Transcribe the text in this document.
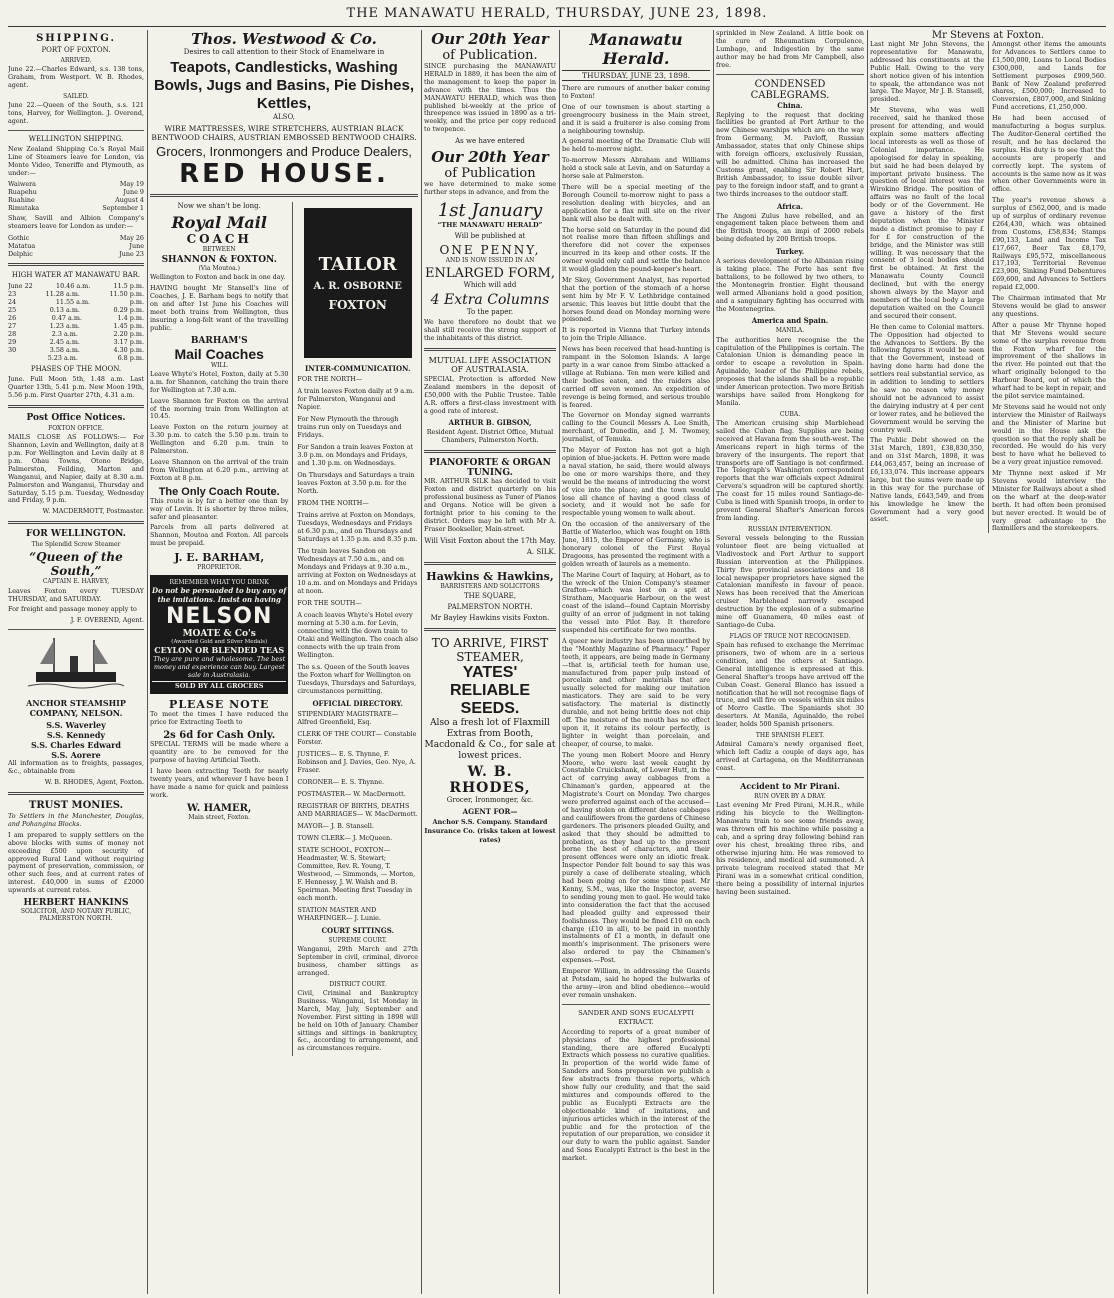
THE MANAWATU HERALD, THURSDAY, JUNE 23, 1898.
SHIPPING.
PORT OF FOXTON.
ARRIVED.

June 22.—Charles Edward, s.s. 138 tons, Graham, from Westport. W. B. Rhodes, agent.

SAILED.

June 22.—Queen of the South, s.s. 121 tons, Harvey, for Wellington. J. Overend, agent.

WELLINGTON SHIPPING.

New Zealand Shipping Co.'s Royal Mail Line of Steamers leave for London, via Monte Video, Teneriffe and Plymouth, as under:—

Waiwera	May 19
Ruapehu	June 9
Ruahine	August 4
Rimutaka	September 1

Shaw, Savill and Albion Company's steamers leave for London as under:—

Gothic	May 26
Matatua	June
Delphic	June 23
HIGH WATER AT MANAWATU BAR.
June 22	10.46 a.m.	11.5 p.m.
23	11.28 a.m.	11.50 p.m.
24	11.55 a.m.	p.m.
25	0.13 a.m.	0.29 p.m.
26	0.47 a.m.	1.4 p.m.
27	1.23 a.m.	1.45 p.m.
28	2.3 a.m.	2.20 p.m.
29	2.45 a.m.	3.17 p.m.
30	3.58 a.m.	4.30 p.m.
5.23 a.m.	6.8 p.m.
PHASES OF THE MOON.

June. Full Moon 5th, 1.48 a.m. Last Quarter 13th, 5.41 p.m. New Moon 19th, 5.56 p.m. First Quarter 27th, 4.31 a.m.

Post Office Notices.
FOXTON OFFICE.

MAILS CLOSE AS FOLLOWS:— For Shannon, Levin and Wellington, daily at 8 p.m. For Wellington and Levin daily at 8 p.m. Ohau Towns, Otono Bridge, Palmerston, Feilding, Marton and Wanganui, and Napier, daily at 8.30 a.m. Palmerston and Wanganui, Thursday and Saturday, 5.15 p.m. Tuesday, Wednesday and Friday, 9 p.m.

W. MACDERMOTT, Postmaster.

FOR WELLINGTON.
The Splendid Screw Steamer
“Queen of the South,”
CAPTAIN E. HARVEY,

Leaves Foxton every TUESDAY THURSDAY, and SATURDAY.

For freight and passage money apply to

J. F. OVEREND, Agent.

ANCHOR STEAMSHIP COMPANY, NELSON.
S.S. Waverley
S.S. Kennedy
S.S. Charles Edward
S.S. Aorere

All information as to freights, passages, &c., obtainable from

W. B. RHODES, Agent, Foxton.

TRUST MONIES.

To Settlers in the Manchester, Douglas, and Pohangina Blocks.

I am prepared to supply settlers on the above blocks with sums of money not exceeding £500 upon security of approved Rural Land without requiring payment of preservation, commission, or other such fees, and at current rates of interest. £40,000 in sums of £2000 upwards at current rates.

HERBERT HANKINS
SOLICITOR, AND NOTARY PUBLIC, PALMERSTON NORTH.
Thos. Westwood & Co.
Desires to call attention to their Stock of Enamelware in
Teapots, Candlesticks, Washing Bowls, Jugs and Basins, Pie Dishes, Kettles,
ALSO,
WIRE MATTRESSES, WIRE STRETCHERS, AUSTRIAN BLACK BENTWOOD CHAIRS, AUSTRIAN EMBOSSED BENTWOOD CHAIRS.
Grocers, Ironmongers and Produce Dealers,
RED HOUSE.
Now we shan't be long.
Royal Mail
COACH
BETWEEN
SHANNON & FOXTON.
(Via Moutoa.)

Wellington to Foxton and back in one day.

HAVING bought Mr Stansell's line of Coaches, J. E. Barham begs to notify that on and after 1st June his Coaches will meet both trains from Wellington, thus insuring a long-felt want of the travelling public.

BARHAM'S
Mail Coaches
WILL

Leave Whyte's Hotel, Foxton, daily at 5.30 a.m. for Shannon, catching the train there for Wellington at 7.30 a.m.

Leave Shannon for Foxton on the arrival of the morning train from Wellington at 10.45.

Leave Foxton on the return journey at 3.30 p.m. to catch the 5.50 p.m. train to Wellington and 6.20 p.m. train to Palmerston.

Leave Shannon on the arrival of the train from Wellington at 6.20 p.m., arriving at Foxton at 8 p.m.

The Only Coach Route.

This route is by far a better one than by way of Levin. It is shorter by three miles, safer and pleasanter.

Parcels from all parts delivered at Shannon, Moutoa and Foxton. All parcels must be prepaid.

J. E. BARHAM,
PROPRIETOR.
REMEMBER WHAT YOU DRINK
Do not be persuaded to buy any of the imitations. Insist on having
NELSON
MOATE & Co's
(Awarded Gold and Silver Medals)
CEYLON OR BLENDED TEAS
They are pure and wholesome. The best money and experience can buy. Largest sale in Australasia.
SOLD BY ALL GROCERS
PLEASE NOTE

To meet the times I have reduced the price for Extracting Teeth to

2s 6d for Cash Only.

SPECIAL TERMS will be made where a quantity are to be removed for the purpose of having Artificial Teeth.

I have been extracting Teeth for nearly twenty years, and wherever I have been I have made a name for quick and painless work.

W. HAMER,
Main street, Foxton.
TAILOR
A. R. OSBORNE
FOXTON
INTER-COMMUNICATION.
FOR THE NORTH—
A train leaves Foxton daily at 9 a.m. for Palmerston, Wanganui and Napier.
For New Plymouth the through trains run only on Tuesdays and Fridays.
For Sandon a train leaves Foxton at 3.0 p.m. on Mondays and Fridays, and 1.30 p.m. on Wednesdays.
On Thursdays and Saturdays a train leaves Foxton at 3.50 p.m. for the North.
FROM THE NORTH—
Trains arrive at Foxton on Mondays, Tuesdays, Wednesdays and Fridays at 6.30 p.m., and on Thursdays and Saturdays at 1.35 p.m. and 8.35 p.m.
The train leaves Sandon on Wednesdays at 7.50 a.m., and on Mondays and Fridays at 9.30 a.m., arriving at Foxton on Wednesdays at 10 a.m. and on Mondays and Fridays at noon.
FOR THE SOUTH—
A coach leaves Whyte's Hotel every morning at 5.30 a.m. for Levin, connecting with the down train to Otaki and Wellington. The coach also connects with the up train from Wellington.
The s.s. Queen of the South leaves the Foxton wharf for Wellington on Tuesdays, Thursdays and Saturdays, circumstances permitting.
OFFICIAL DIRECTORY.
STIPENDIARY MAGISTRATE— Alfred Greenfield, Esq.
CLERK OF THE COURT— Constable Forster.
JUSTICES— E. S. Thynne, F. Robinson and J. Davies, Geo. Nye, A. Fraser.
CORONER— E. S. Thynne.
POSTMASTER— W. MacDermott.
REGISTRAR OF BIRTHS, DEATHS AND MARRIAGES— W. MacDermott.
MAYOR— J. B. Stansell.
TOWN CLERK— J. McQueen.
STATE SCHOOL, FOXTON— Headmaster, W. S. Stewart; Committee, Rev. R. Young, T. Westwood, — Simmonds, — Morton, F. Hennessy, J. W. Walsh and B. Speirman. Meeting first Tuesday in each month.
STATION MASTER AND WHARFINGER— J. Lunie.
COURT SITTINGS.
SUPREME COURT.

Wanganui, 29th March and 27th September in civil, criminal, divorce business, chamber sittings as arranged.

DISTRICT COURT.

Civil, Criminal and Bankruptcy Business. Wanganui, 1st Monday in March, May, July, September and November. First sitting in 1898 will be held on 10th of January. Chamber sittings and sittings in bankruptcy, &c., according to arrangement, and as circumstances require.

Our 20th Year
of Publication.

SINCE purchasing the MANAWATU HERALD in 1889, it has been the aim of the management to keep the paper in advance with the times. Thus the MANAWATU HERALD, which was then published bi-weekly at the price of threepence was issued in 1890 as a tri-weekly, and the price per copy reduced to twopence.

As we have entered
Our 20th Year
of Publication

we have determined to make some further steps in advance, and from the

1st January
“THE MANAWATU HERALD”
Will be published at
ONE PENNY,
AND IS NOW ISSUED IN AN
ENLARGED FORM,
Which will add
4 Extra Columns
To the paper.

We have therefore no doubt that we shall still receive the strong support of the inhabitants of this district.

MUTUAL LIFE ASSOCIATION OF AUSTRALASIA.

SPECIAL Protection is afforded New Zealand members in the deposit of £50,000 with the Public Trustee. Table A.R. offers a first-class investment with a good rate of interest.

ARTHUR B. GIBSON,

Resident Agent. District Office, Mutual Chambers, Palmerston North.

PIANOFORTE & ORGAN TUNING.

MR. ARTHUR SILK has decided to visit Foxton and district quarterly on his professional business as Tuner of Pianos and Organs. Notice will be given a fortnight prior to his coming to the district. Orders may be left with Mr A. Fraser Bookseller, Main-street.

Will Visit Foxton about the 17th May.
A. SILK.
Hawkins & Hawkins,
BARRISTERS AND SOLICITORS
THE SQUARE,
PALMERSTON NORTH.
Mr Bayley Hawkins visits Foxton.
TO ARRIVE, FIRST STEAMER,
YATES' RELIABLE SEEDS.
Also a fresh lot of Flaxmill Extras from Booth, Macdonald & Co., for sale at lowest prices.
W. B. RHODES,
Grocer, Ironmonger, &c.
AGENT FOR—
Anchor S.S. Company. Standard Insurance Co. (risks taken at lowest rates)
Manawatu Herald.
THURSDAY, JUNE 23, 1898.

There are rumours of another baker coming to Foxton!

One of our townsmen is about starting a greengrocery business in the Main street, and it is said a fruiterer is also coming from a neighbouring township.

A general meeting of the Dramatic Club will be held to-morrow night.

To-morrow Messrs Abraham and Williams hold a stock sale at Levin, and on Saturday a horse sale at Palmerston.

There will be a special meeting of the Borough Council to-morrow night to pass a resolution dealing with bicycles, and an application for a flax mill site on the river bank will also be dealt with.

The horse sold on Saturday in the pound did not realise more than fifteen shillings and therefore did not cover the expenses incurred in its keep and other costs. If the owner would only call and settle the balance it would gladden the pound-keeper's heart.

Mr Skey, Government Analyst, has reported that the portion of the stomach of a horse sent him by Mr F. V. Lethbridge contained arsenic. This leaves but little doubt that the horses found dead on Monday morning were poisoned.

It is reported in Vienna that Turkey intends to join the Triple Alliance.

News has been received that head-hunting is rampant in the Solomon Islands. A large party in a war canoe from Simbo attacked a village at Rubiana. Ten men were killed and their bodies eaten, and the raiders also carried off seven women. An expedition of revenge is being formed, and serious trouble is feared.

The Governor on Monday signed warrants calling to the Council Messrs A. Lee Smith, merchant, of Dunedin, and J. M. Twomey, journalist, of Temuka.

The Mayor of Foxton has not got a high opinion of blue-jackets. H. Petton were made a naval station, he said, there would always be one or more warships there, and they would be the means of introducing the worst of vice into the place; and the town would lose all chance of having a good class of society, and it would not be safe for respectable young women to walk about.

On the occasion of the anniversary of the Battle of Waterloo, which was fought on 18th June, 1815, the Emperor of Germany, who is honorary colonel of the First Royal Dragoons, has presented the regiment with a golden wreath of laurels as a memento.

The Marine Court of Inquiry, at Hobart, as to the wreck of the Union Company's steamer Grafton—which was lost on a spit at Stratham, Macquarie Harbour, on the west coast of the island—found Captain Morrisby guilty of an error of judgment in not taking the vessel into Pilot Bay. It therefore suspended his certificate for two months.

A queer new industry has been unearthed by the “Monthly Magazine of Pharmacy.” Paper teeth, it appears, are being made in Germany—that is, artificial teeth for human use, manufactured from paper pulp instead of porcelain and other materials that are usually selected for making our imitation masticators. They are said to be very satisfactory. The material is distinctly durable, and not being brittle does not chip off. The moisture of the mouth has no effect upon it, it retains its colour perfectly, is lighter in weight than porcelain, and cheaper, of course, to make.

The young men Robert Moore and Henry Moore, who were last week caught by Constable Cruickshank, of Lower Hutt, in the act of carrying away cabbages from a Chinaman's garden, appeared at the Magistrate's Court on Monday. Two charges were preferred against each of the accused—of having stolen on different dates cabbages and cauliflowers from the gardens of Chinese gardeners. The prisoners pleaded Guilty, and asked that they should be admitted to probation, as they had up to the present borne the best of characters, and their present offences were only an idiotic freak. Inspector Pender felt bound to say this was purely a case of deliberate stealing, which had been going on for some time past. Mr Kenny, S.M., was, like the Inspector, averse to sending young men to gaol. He would take into consideration the fact that the accused had pleaded guilty and expressed their foolishness. They would be fined £10 on each charge (£10 in all), to be paid in monthly instalments of £1 a month, in default one month's imprisonment. The prisoners were also ordered to pay the Chinamen's expenses.—Post.

Emperor William, in addressing the Guards at Potsdam, said he hoped the bulwarks of the army—iron and blind obedience—would ever remain unshaken.

SANDER AND SONS EUCALYPTI EXTRACT.

According to reports of a great number of physicians of the highest professional standing, there are offered Eucalypti Extracts which possess no curative qualities. In proportion of the world wide fame of Sanders and Sons preparation we publish a few abstracts from these reports, which show fully our credulity, and that the said mixtures and compounds offered to the public as Eucalypti Extracts are the objectionable kind of imitations, and injurious articles which in the interest of the public and for the protection of the reputation of our preparation, we consider it our duty to warn the public against. Sander and Sons Eucalypti Extract is the best in the market.

sprinkled in New Zealand. A little book on the cure of Rheumatism Corpulence, Lumbago, and Indigestion by the same author may be had from Mr Campbell, also free.

CONDENSED CABLEGRAMS.
China.

Replying to the request that docking facilities be granted at Port Arthur to the new Chinese warships which are on the way from Germany, M. Pavloff, Russian Ambassador, states that only Chinese ships with foreign officers, exclusively Russian, will be admitted. China has increased the Customs grant, enabling Sir Robert Hart, British Ambassador, to issue double silver pay to the foreign indoor staff, and to grant a two thirds increases to the outdoor staff.

Africa.

The Angoni Zulus have rebelled, and an engagement taken place between them and the British troops, an impi of 2000 rebels being defeated by 200 British troops.

Turkey.

A serious development of the Albanian rising is taking place. The Porte has sent five battalions, to be followed by two others, to the Montenegrin frontier. Eight thousand well armed Albanians hold a good position, and a sanguinary fighting has occurred with the Montenegrins.

America and Spain.
MANILA.

The authorities here recognise the the capitulation of the Philippines is certain. The Catalonian Union is demanding peace in order to escape a revolution in Spain. Aguinaldo, leader of the Philippine rebels, proposes that the islands shall be a republic under American protection. Two more British warships have sailed from Hongkong for Manila.

CUBA.

The American cruising ship Marblehead sailed the Cuban flag. Supplies are being received at Havana from the south-west. The Americans report in high terms of the bravery of the insurgents. The report that transports are off Santiago is not confirmed. The Telegraph's Washington correspondent reports that the war officials expect Admiral Cervera's squadron will be captured shortly. The coast for 15 miles round Santiago-de-Cuba is lined with Spanish troops, in order to prevent General Shafter's American forces from landing.

RUSSIAN INTERVENTION.

Several vessels belonging to the Russian volunteer fleet are being victualled at Vladivostock and Port Arthur to support Russian intervention at the Philippines. Thirty five provincial associations and 18 local newspaper proprietors have signed the Catalonian manifesto in favour of peace. News has been received that the American cruiser Marblehead narrowly escaped destruction by the explosion of a submarine mine off Guanamera, 40 miles east of Santiago-de Cuba.

FLAGS OF TRUCE NOT RECOGNISED.

Spain has refused to exchange the Merrimac prisoners, two of whom are in a serious condition, and the others at Santiago. General intelligence is expressed at this. General Shafter's troops have arrived off the Cuban Coast. General Blanco has issued a notification that he will not recognise flags of truce, and will fire on vessels within six miles of Morro Castle. The Spaniards shot 30 deserters. At Manila, Aguinaldo, the rebel leader, holds 500 Spanish prisoners.

THE SPANISH FLEET.

Admiral Camara's newly organised fleet, which left Cadiz a couple of days ago, has arrived at Cartagena, on the Mediterranean coast.

Accident to Mr Pirani.
RUN OVER BY A DRAY.

Last evening Mr Fred Pirani, M.H.R., while riding his bicycle to the Wellington-Manawatu train to see some friends away, was thrown off his machine while passing a cab, and a spring dray following behind ran over his chest, breaking three ribs, and otherwise injuring him. He was removed to his residence, and medical aid summoned. A private telegram received stated that Mr Pirani was in a somewhat critical condition, there being a possibility of internal injuries having been sustained.

Mr Stevens at Foxton.

Last night Mr John Stevens, the representative for Manawatu, addressed his constituents at the Public Hall. Owing to the very short notice given of his intention to speak, the attendance was not large. The Mayor, Mr J. B. Stansell, presided.

Mr Stevens, who was well received, said he thanked those present for attending, and would explain some matters affecting local interests as well as those of Colonial importance. He apologised for delay in speaking, but said he had been delayed by important private business. The question of local interest was the Wirokino Bridge. The position of affairs was no fault of the local body or of the Government. He gave a history of the first deputation when the Minister made a distinct promise to pay £ for £ for construction of the bridge, and the Minister was still willing. It was necessary that the consent of 3 local bodies should first be obtained. At first the Manawatu County Council declined, but with the energy shown always by the Mayor and members of the local body a large deputation waited on the Council and secured their consent.

He then came to Colonial matters. The Opposition had objected to the Advances to Settlers. By the following figures it would be seen that the Government, instead of having done harm had done the settlers real substantial service, as in addition to lending to settlers he saw no reason why money should not be advanced to assist the dairying industry at 4 per cent or lower rates, and he believed the Government would be serving the country well.

The Public Debt showed on the 31st March, 1891, £38,830,350, and on 31st March, 1898, it was £44,063,457, being an increase of £6,133,074. This increase appears large, but the sums were made up in this way for the purchase of Native lands, £643,549, and from his knowledge he knew the Government had a very good asset.

Amongst other items the amounts for Advances to Settlers came to £1,500,000, Loans to Local Bodies £300,000, and Lands for Settlement purposes £909,560. Bank of New Zealand preferred shares, £500,000; Increased to Conversion, £807,000, and Sinking Fund accretions, £1,250,000.

He had been accused of manufacturing a bogus surplus. The Auditor-General certified the result, and he has declared the surplus. His duty is to see that the accounts are properly and correctly kept. The system of accounts is the same now as it was when other Governments were in office.

The year's revenue shows a surplus of £562,000, and is made up of surplus of ordinary revenue £264,430, which was obtained from Customs, £58,834; Stamps £90,133, Land and Income Tax £17,667, Beer Tax £8,179, Railways £95,572, miscellaneous £17,193, Territorial Revenue £23,906, Sinking Fund Debentures £69,600, and Advances to Settlers repaid £2,000.

The Chairman intimated that Mr Stevens would be glad to answer any questions.

After a pause Mr Thynne hoped that Mr Stevens would secure some of the surplus revenue from the Foxton wharf for the improvement of the shallows in the river. He pointed out that the wharf originally belonged to the Harbour Board, out of which the wharf had to be kept in repair, and the pilot service maintained.

Mr Stevens said he would not only interview the Minister of Railways and the Minister of Marine but would in the House ask the question so that the reply shall be recorded. He would do his very best to have what he believed to be a very great injustice removed.

Mr Thynne next asked if Mr Stevens would interview the Minister for Railways about a shed on the wharf at the deep-water berth. It had often been promised but never erected. It would be of very great advantage to the flaxmillers and the storekeepers.
